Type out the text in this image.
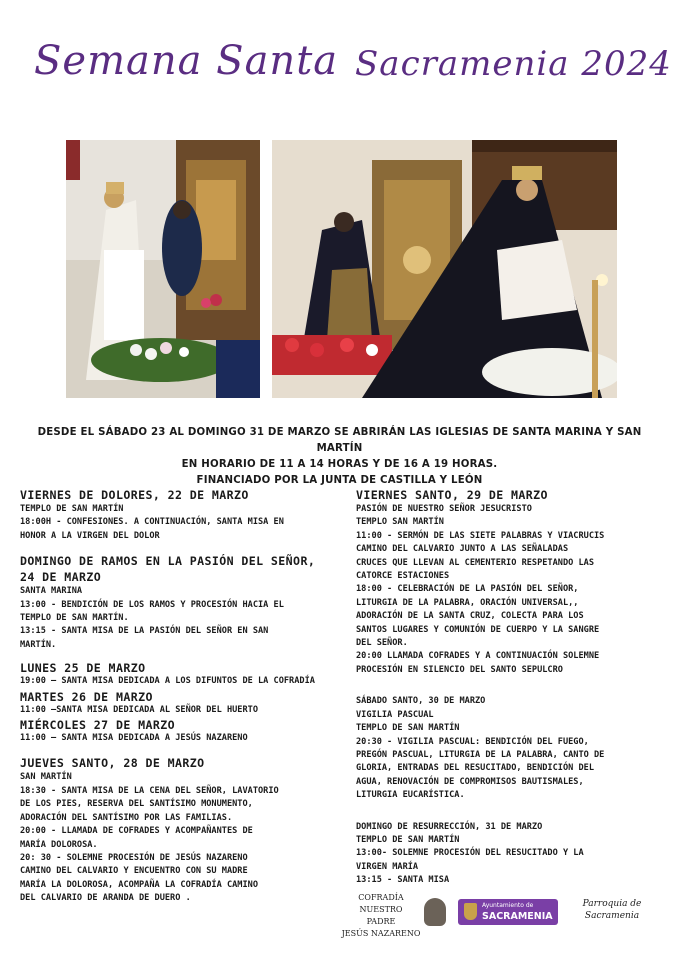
Semana Santa Sacramenia 2024
DESDE EL SÁBADO 23 AL DOMINGO 31 DE MARZO SE ABRIRÁN LAS IGLESIAS DE SANTA MARINA Y SAN MARTÍN
EN HORARIO DE 11 A 14 HORAS Y DE 16 A 19 HORAS.
FINANCIADO POR LA JUNTA DE CASTILLA Y LEÓN
VIERNES DE DOLORES, 22 DE MARZO
TEMPLO DE SAN MARTÍN
18:00H - CONFESIONES. A CONTINUACIÓN, SANTA MISA EN
HONOR A LA VIRGEN DEL DOLOR
DOMINGO DE RAMOS EN LA PASIÓN DEL SEÑOR,
24 DE MARZO
SANTA MARINA
13:00 - BENDICIÓN DE LOS RAMOS Y PROCESIÓN HACIA EL
TEMPLO DE SAN MARTÍN.
13:15 - SANTA MISA DE LA PASIÓN DEL SEÑOR EN SAN
MARTÍN.
LUNES 25 DE MARZO
19:00 – SANTA MISA DEDICADA A LOS DIFUNTOS DE LA COFRADÍA
MARTES 26 DE MARZO
11:00 –SANTA MISA DEDICADA AL SEÑOR DEL HUERTO
MIÉRCOLES 27 DE MARZO
11:00 – SANTA MISA DEDICADA A JESÚS NAZARENO
JUEVES SANTO, 28 DE MARZO
SAN MARTÍN
18:30 - SANTA MISA DE LA CENA DEL SEÑOR, LAVATORIO
DE LOS PIES, RESERVA DEL SANTÍSIMO MONUMENTO,
ADORACIÓN DEL SANTÍSIMO POR LAS FAMILIAS.
20:00 - LLAMADA DE COFRADES Y ACOMPAÑANTES DE
MARÍA DOLOROSA.
20: 30 - SOLEMNE PROCESIÓN DE JESÚS NAZARENO
CAMINO DEL CALVARIO Y ENCUENTRO CON SU MADRE
MARÍA LA DOLOROSA, ACOMPAÑA LA COFRADÍA CAMINO
DEL CALVARIO DE ARANDA DE DUERO .
VIERNES SANTO, 29 DE MARZO
PASIÓN DE NUESTRO SEÑOR JESUCRISTO
TEMPLO SAN MARTÍN
11:00 - SERMÓN DE LAS SIETE PALABRAS Y VIACRUCIS
CAMINO DEL CALVARIO JUNTO A LAS SEÑALADAS
CRUCES QUE LLEVAN AL CEMENTERIO RESPETANDO LAS
CATORCE ESTACIONES
18:00 - CELEBRACIÓN DE LA PASIÓN DEL SEÑOR,
LITURGIA DE LA PALABRA, ORACIÓN UNIVERSAL,,
ADORACIÓN DE LA SANTA CRUZ, COLECTA PARA LOS
SANTOS LUGARES Y COMUNIÓN DE CUERPO Y LA SANGRE
DEL SEÑOR.
20:00 LLAMADA COFRADES Y A CONTINUACIÓN SOLEMNE
PROCESIÓN EN SILENCIO DEL SANTO SEPULCRO
SÁBADO SANTO, 30 DE MARZO
VIGILIA PASCUAL
TEMPLO DE SAN MARTÍN
20:30 - VIGILIA PASCUAL: BENDICIÓN DEL FUEGO,
PREGÓN PASCUAL, LITURGIA DE LA PALABRA, CANTO DE
GLORIA, ENTRADAS DEL RESUCITADO, BENDICIÓN DEL
AGUA, RENOVACIÓN DE COMPROMISOS BAUTISMALES,
LITURGIA EUCARÍSTICA.
DOMINGO DE RESURRECCIÓN, 31 DE MARZO
TEMPLO DE SAN MARTÍN
13:00- SOLEMNE PROCESIÓN DEL RESUCITADO Y LA
VIRGEN MARÍA
13:15 - SANTA MISA
COFRADÍA NUESTRO
PADRE
JESÚS NAZARENO
Ayuntamiento de
SACRAMENIA
Parroquia de
Sacramenia
